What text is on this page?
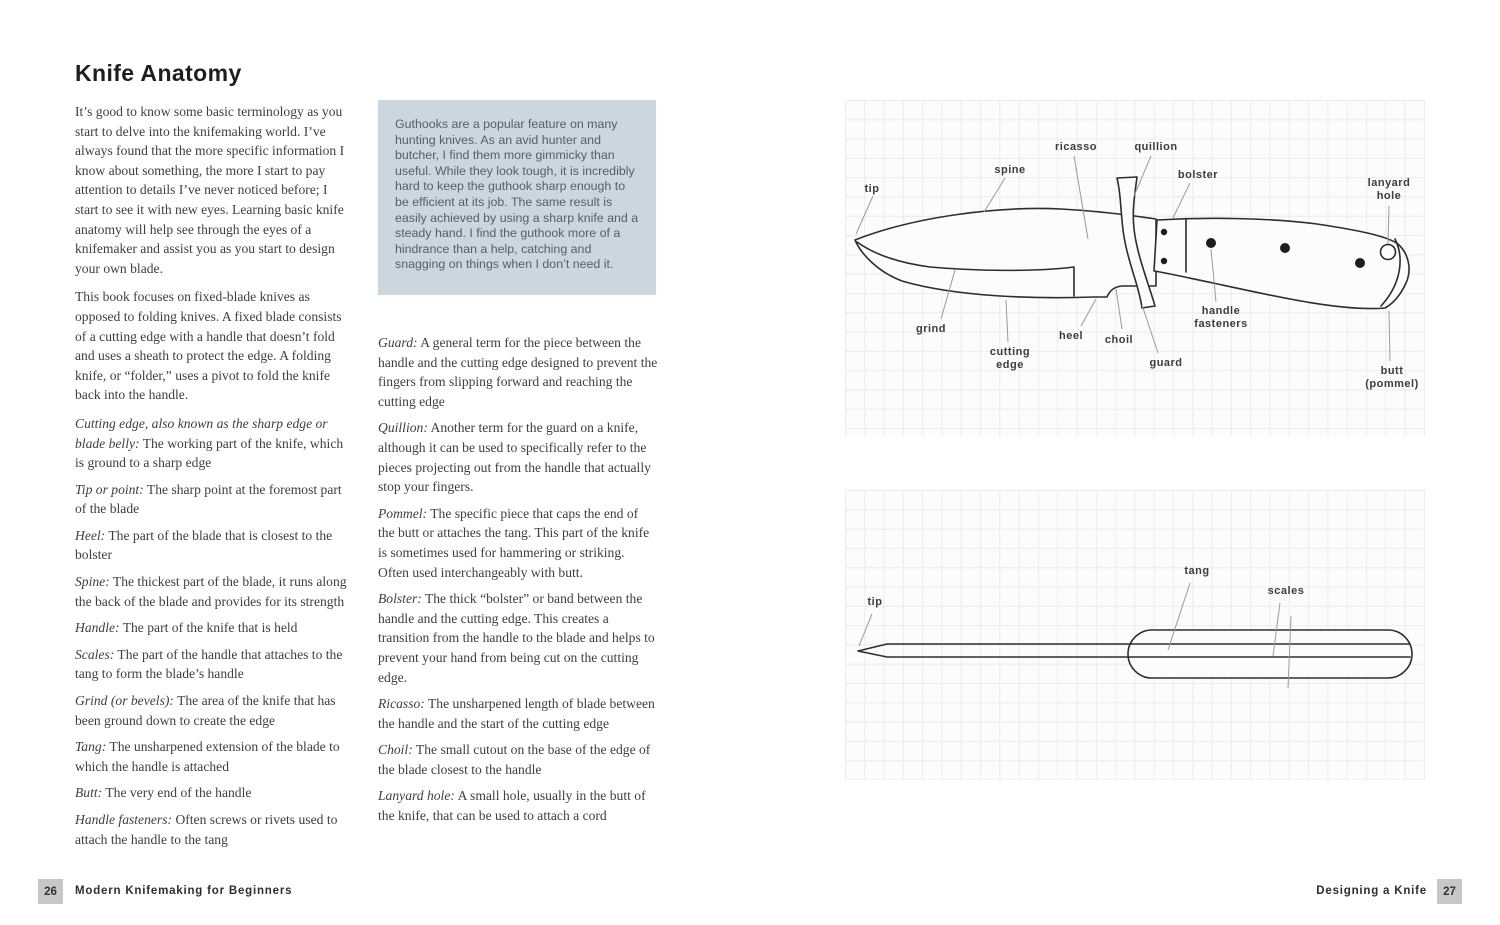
Knife Anatomy

It’s good to know some basic terminology as you start to delve into the knifemaking world. I’ve always found that the more specific information I know about something, the more I start to pay attention to details I’ve never noticed before; I start to see it with new eyes. Learning basic knife anatomy will help see through the eyes of a knifemaker and assist you as you start to design your own blade.

This book focuses on fixed-blade knives as opposed to folding knives. A fixed blade consists of a cutting edge with a handle that doesn’t fold and uses a sheath to protect the edge. A folding knife, or “folder,” uses a pivot to fold the knife back into the handle.

Cutting edge, also known as the sharp edge or blade belly: The working part of the knife, which is ground to a sharp edge

Tip or point: The sharp point at the foremost part of the blade

Heel: The part of the blade that is closest to the bolster

Spine: The thickest part of the blade, it runs along the back of the blade and provides for its strength

Handle: The part of the knife that is held

Scales: The part of the handle that attaches to the tang to form the blade’s handle

Grind (or bevels): The area of the knife that has been ground down to create the edge

Tang: The unsharpened extension of the blade to which the handle is attached

Butt: The very end of the handle

Handle fasteners: Often screws or rivets used to attach the handle to the tang

Guthooks are a popular feature on many hunting knives. As an avid hunter and butcher, I find them more gimmicky than useful. While they look tough, it is incredibly hard to keep the guthook sharp enough to be efficient at its job. The same result is easily achieved by using a sharp knife and a steady hand. I find the guthook more of a hindrance than a help, catching and snagging on things when I don’t need it.

Guard: A general term for the piece between the handle and the cutting edge designed to prevent the fingers from slipping forward and reaching the cutting edge

Quillion: Another term for the guard on a knife, although it can be used to specifically refer to the pieces projecting out from the handle that actually stop your fingers.

Pommel: The specific piece that caps the end of the butt or attaches the tang. This part of the knife is sometimes used for hammering or striking. Often used interchangeably with butt.

Bolster: The thick “bolster” or band between the handle and the cutting edge. This creates a transition from the handle to the blade and helps to prevent your hand from being cut on the cutting edge.

Ricasso: The unsharpened length of blade between the handle and the start of the cutting edge

Choil: The small cutout on the base of the edge of the blade closest to the handle

Lanyard hole: A small hole, usually in the butt of the knife, that can be used to attach a cord

tip
spine
ricasso	quillion
bolster
lanyard
hole
grind
cutting
edge
heel choil
guard
handle
fasteners
butt
(pommel)
tip
tang
scales
26	Modern Knifemaking for Beginners	Designing a Knife	27
